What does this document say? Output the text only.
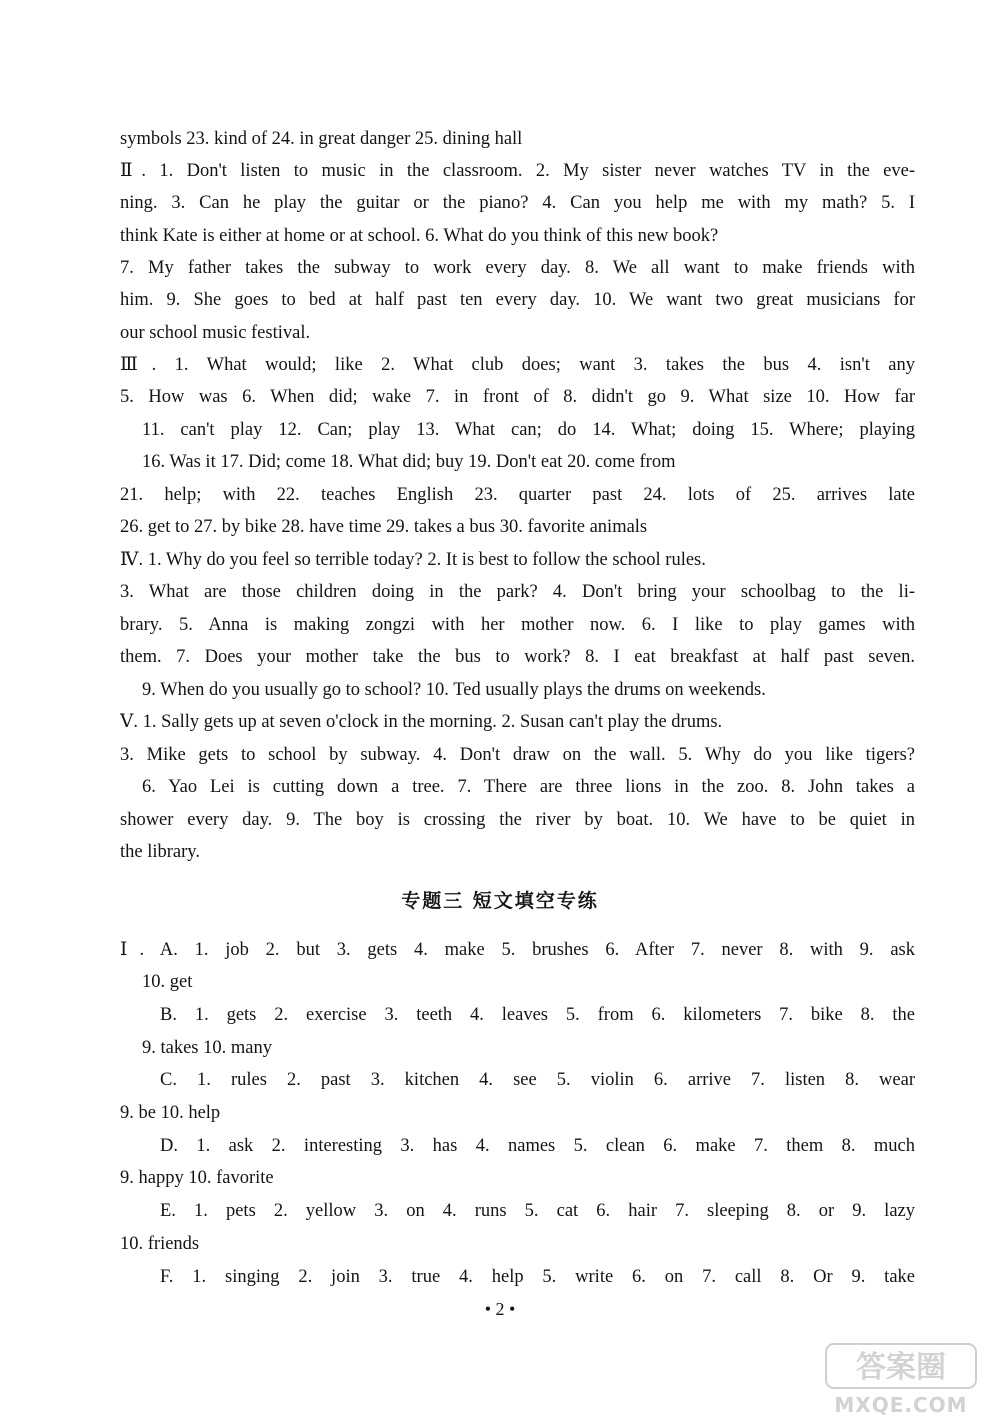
symbols 23. kind of 24. in great danger 25. dining hall
Ⅱ. 1. Don't listen to music in the classroom. 2. My sister never watches TV in the eve-
ning. 3. Can he play the guitar or the piano? 4. Can you help me with my math? 5. I
think Kate is either at home or at school. 6. What do you think of this new book?
7. My father takes the subway to work every day. 8. We all want to make friends with
him. 9. She goes to bed at half past ten every day. 10. We want two great musicians for
our school music festival.
Ⅲ. 1. What would; like 2. What club does; want 3. takes the bus 4. isn't any
5. How was 6. When did; wake 7. in front of 8. didn't go 9. What size 10. How far
11. can't play 12. Can; play 13. What can; do 14. What; doing 15. Where; playing
16. Was it 17. Did; come 18. What did; buy 19. Don't eat 20. come from
21. help; with 22. teaches English 23. quarter past 24. lots of 25. arrives late
26. get to 27. by bike 28. have time 29. takes a bus 30. favorite animals
Ⅳ. 1. Why do you feel so terrible today? 2. It is best to follow the school rules.
3. What are those children doing in the park? 4. Don't bring your schoolbag to the li-
brary. 5. Anna is making zongzi with her mother now. 6. I like to play games with
them. 7. Does your mother take the bus to work? 8. I eat breakfast at half past seven.
9. When do you usually go to school? 10. Ted usually plays the drums on weekends.
Ⅴ. 1. Sally gets up at seven o'clock in the morning. 2. Susan can't play the drums.
3. Mike gets to school by subway. 4. Don't draw on the wall. 5. Why do you like tigers?
6. Yao Lei is cutting down a tree. 7. There are three lions in the zoo. 8. John takes a
shower every day. 9. The boy is crossing the river by boat. 10. We have to be quiet in
the library.
专题三 短文填空专练
Ⅰ. A. 1. job 2. but 3. gets 4. make 5. brushes 6. After 7. never 8. with 9. ask
10. get
B. 1. gets 2. exercise 3. teeth 4. leaves 5. from 6. kilometers 7. bike 8. the
9. takes 10. many
C. 1. rules 2. past 3. kitchen 4. see 5. violin 6. arrive 7. listen 8. wear
9. be 10. help
D. 1. ask 2. interesting 3. has 4. names 5. clean 6. make 7. them 8. much
9. happy 10. favorite
E. 1. pets 2. yellow 3. on 4. runs 5. cat 6. hair 7. sleeping 8. or 9. lazy
10. friends
F. 1. singing 2. join 3. true 4. help 5. write 6. on 7. call 8. Or 9. take
• 2 •
答案圈
MXQE.COM
